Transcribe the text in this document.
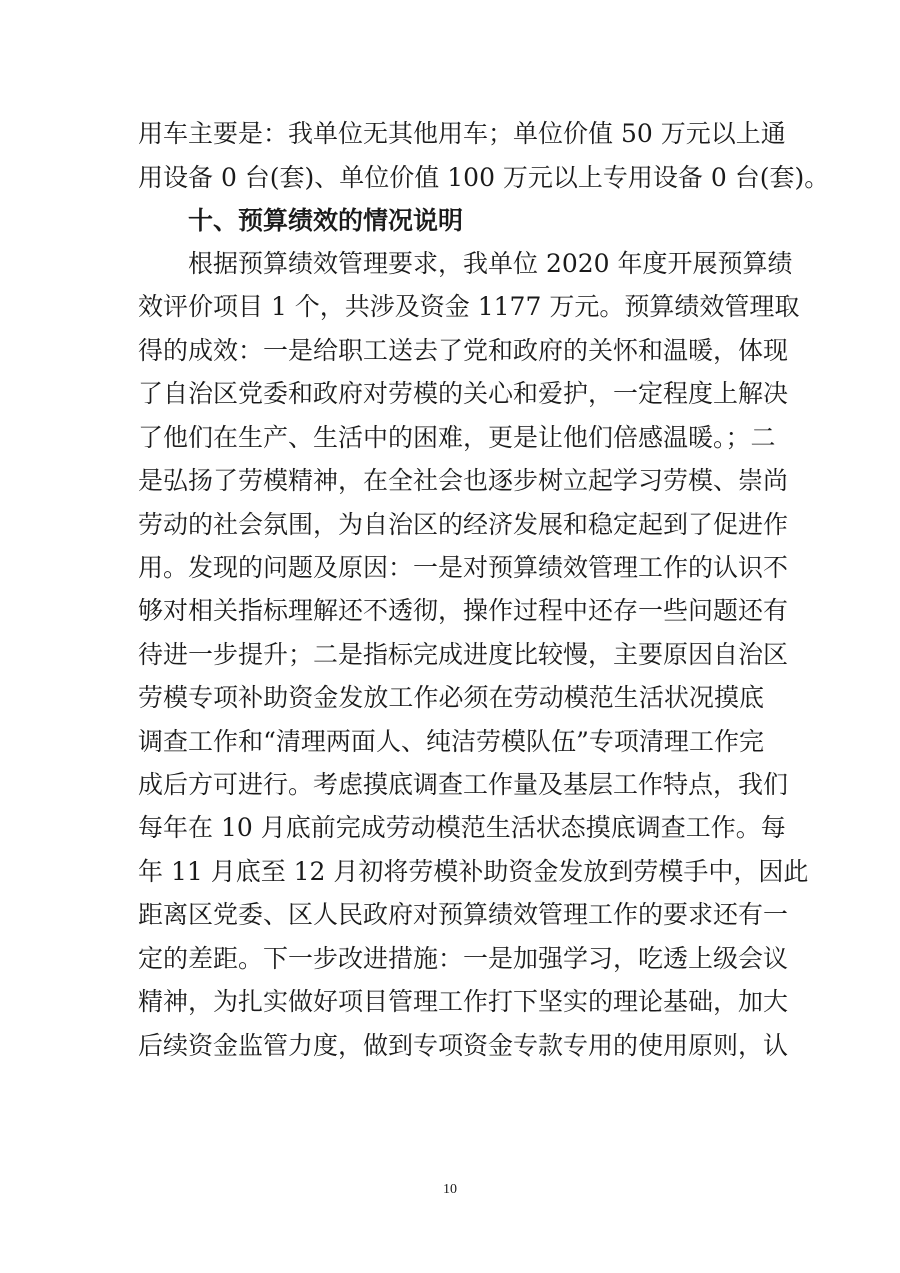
用车主要是：我单位无其他用车；单位价值 50 万元以上通
用设备 0 台(套)、单位价值 100 万元以上专用设备 0 台(套)。
十、预算绩效的情况说明
根据预算绩效管理要求，我单位 2020 年度开展预算绩
效评价项目 1 个，共涉及资金 1177 万元。预算绩效管理取
得的成效：一是给职工送去了党和政府的关怀和温暖，体现
了自治区党委和政府对劳模的关心和爱护，一定程度上解决
了他们在生产、生活中的困难，更是让他们倍感温暖。；二
是弘扬了劳模精神，在全社会也逐步树立起学习劳模、崇尚
劳动的社会氛围，为自治区的经济发展和稳定起到了促进作
用。发现的问题及原因：一是对预算绩效管理工作的认识不
够对相关指标理解还不透彻，操作过程中还存一些问题还有
待进一步提升；二是指标完成进度比较慢，主要原因自治区
劳模专项补助资金发放工作必须在劳动模范生活状况摸底
调查工作和“清理两面人、纯洁劳模队伍”专项清理工作完
成后方可进行。考虑摸底调查工作量及基层工作特点，我们
每年在 10 月底前完成劳动模范生活状态摸底调查工作。每
年 11 月底至 12 月初将劳模补助资金发放到劳模手中，因此
距离区党委、区人民政府对预算绩效管理工作的要求还有一
定的差距。下一步改进措施：一是加强学习，吃透上级会议
精神，为扎实做好项目管理工作打下坚实的理论基础，加大
后续资金监管力度，做到专项资金专款专用的使用原则，认
10
